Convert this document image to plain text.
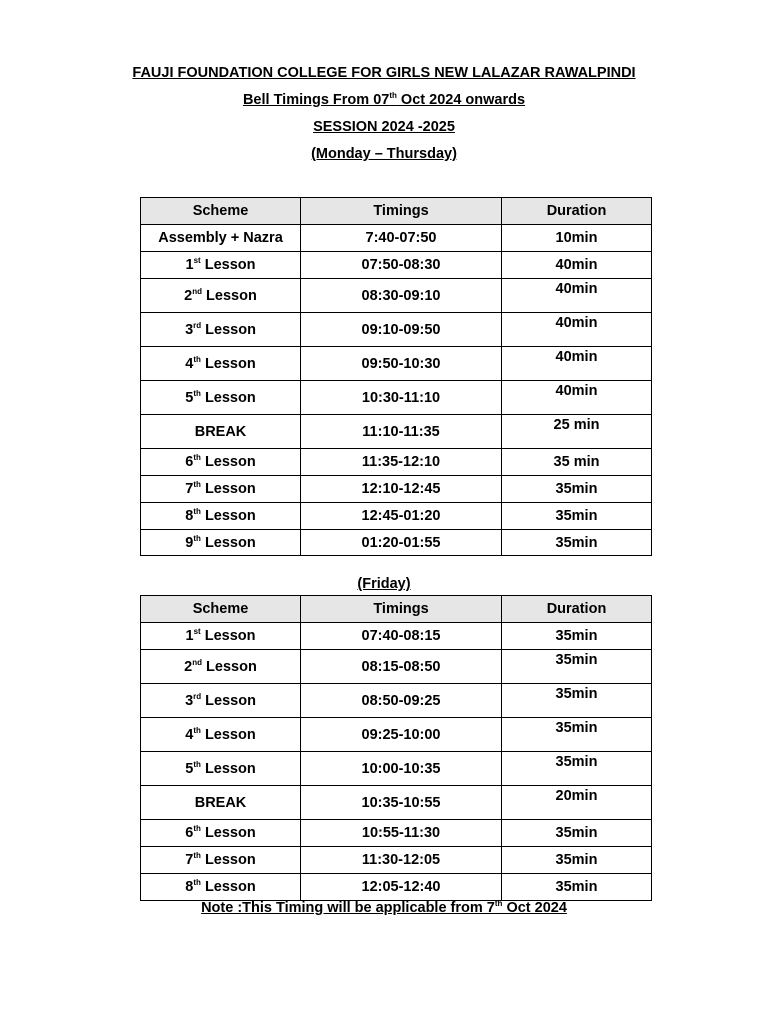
FAUJI FOUNDATION COLLEGE FOR GIRLS NEW LALAZAR RAWALPINDI
Bell Timings From 07th Oct 2024 onwards
SESSION 2024 -2025
(Monday – Thursday)
Scheme	Timings	Duration
Assembly + Nazra	7:40-07:50	10min
1st Lesson	07:50-08:30	40min
2nd Lesson	08:30-09:10	40min
3rd Lesson	09:10-09:50	40min
4th Lesson	09:50-10:30	40min
5th Lesson	10:30-11:10	40min
BREAK	11:10-11:35	25 min
6th Lesson	11:35-12:10	35 min
7th Lesson	12:10-12:45	35min
8th Lesson	12:45-01:20	35min
9th Lesson	01:20-01:55	35min
(Friday)
Scheme	Timings	Duration
1st Lesson	07:40-08:15	35min
2nd Lesson	08:15-08:50	35min
3rd Lesson	08:50-09:25	35min
4th Lesson	09:25-10:00	35min
5th Lesson	10:00-10:35	35min
BREAK	10:35-10:55	20min
6th Lesson	10:55-11:30	35min
7th Lesson	11:30-12:05	35min
8th Lesson	12:05-12:40	35min
Note :This Timing will be applicable from 7th Oct 2024
